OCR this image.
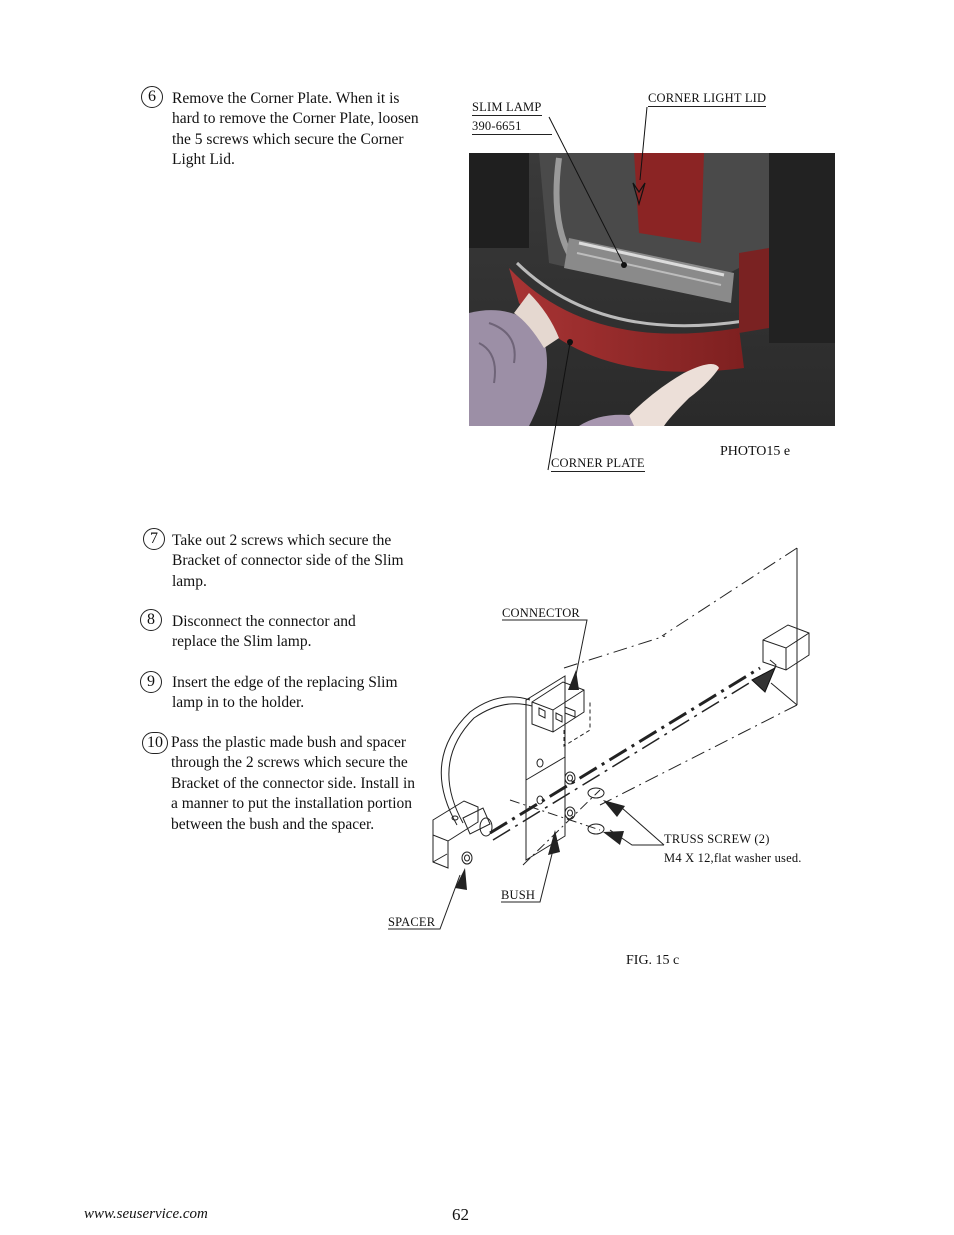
6	Remove the Corner Plate. When it is hard to remove the Corner Plate, loosen the 5 screws which secure the Corner Light Lid.
SLIM LAMP
390-6651
CORNER LIGHT LID
CORNER PLATE
PHOTO15 e
7 Take out 2 screws which secure the Bracket of connector side of the Slim lamp.
8	Disconnect the connector and replace the Slim lamp.
9	Insert the edge of the replacing Slim lamp in to the holder.
10 Pass the plastic made bush and spacer through the 2 screws which secure the Bracket of the connector side. Install in a manner to put the installation portion between the bush and the spacer.
CONNECTOR
TRUSS SCREW (2)
M4 X 12,flat washer used.
BUSH
SPACER
FIG. 15 c
www.seuservice.com	62
